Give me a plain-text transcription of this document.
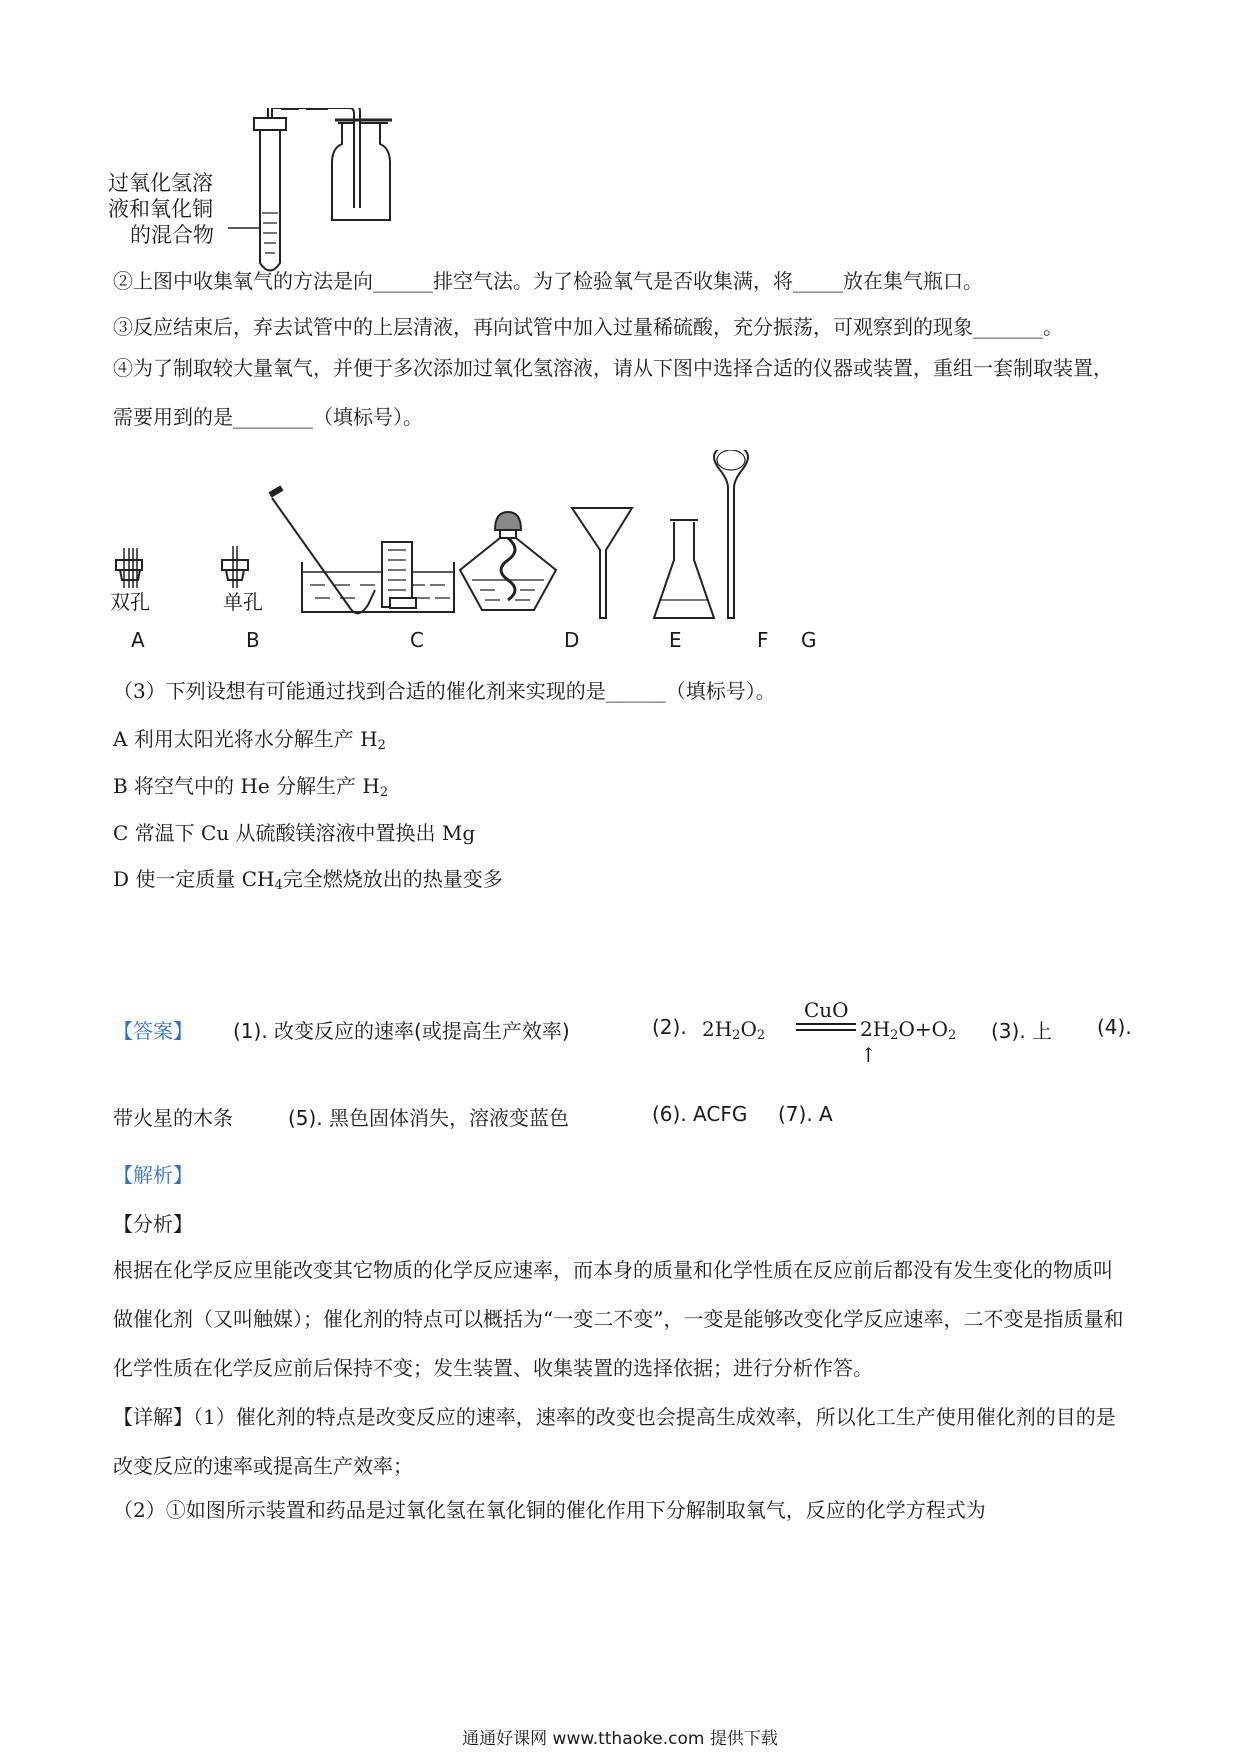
过氧化氢溶
液和氧化铜
的混合物
②上图中收集氧气的方法是向______排空气法。为了检验氧气是否收集满，将_____放在集气瓶口。
③反应结束后，弃去试管中的上层清液，再向试管中加入过量稀硫酸，充分振荡，可观察到的现象_______。
④为了制取较大量氧气，并便于多次添加过氧化氢溶液，请从下图中选择合适的仪器或装置，重组一套制取装置，需要用到的是________（填标号）。
双孔	单孔
A	B	C	D	E	F G
（3）下列设想有可能通过找到合适的催化剂来实现的是______（填标号）。
A 利用太阳光将水分解生产 $H_2$
B 将空气中的 He 分解生产 $H_2$
C 常温下 Cu 从硫酸镁溶液中置换出 Mg
D 使一定质量 $CH_4$完全燃烧放出的热量变多
【答案】 (1). 改变反应的速率(或提高生产效率)	(2).
CuO
$2H_2O_2$	$2H_2O+O_2$ ↑
(3). 上 (4).
带火星的木条	(5). 黑色固体消失，溶液变蓝色	(6). ACFG (7). A
【解析】
【分析】
根据在化学反应里能改变其它物质的化学反应速率，而本身的质量和化学性质在反应前后都没有发生变化的物质叫做催化剂（又叫触媒）；催化剂的特点可以概括为“一变二不变”，一变是能够改变化学反应速率，二不变是指质量和化学性质在化学反应前后保持不变；发生装置、收集装置的选择依据；进行分析作答。
【详解】（1）催化剂的特点是改变反应的速率，速率的改变也会提高生成效率，所以化工生产使用催化剂的目的是改变反应的速率或提高生产效率；
（2）①如图所示装置和药品是过氧化氢在氧化铜的催化作用下分解制取氧气，反应的化学方程式为
通通好课网 www.tthaoke.com 提供下载
